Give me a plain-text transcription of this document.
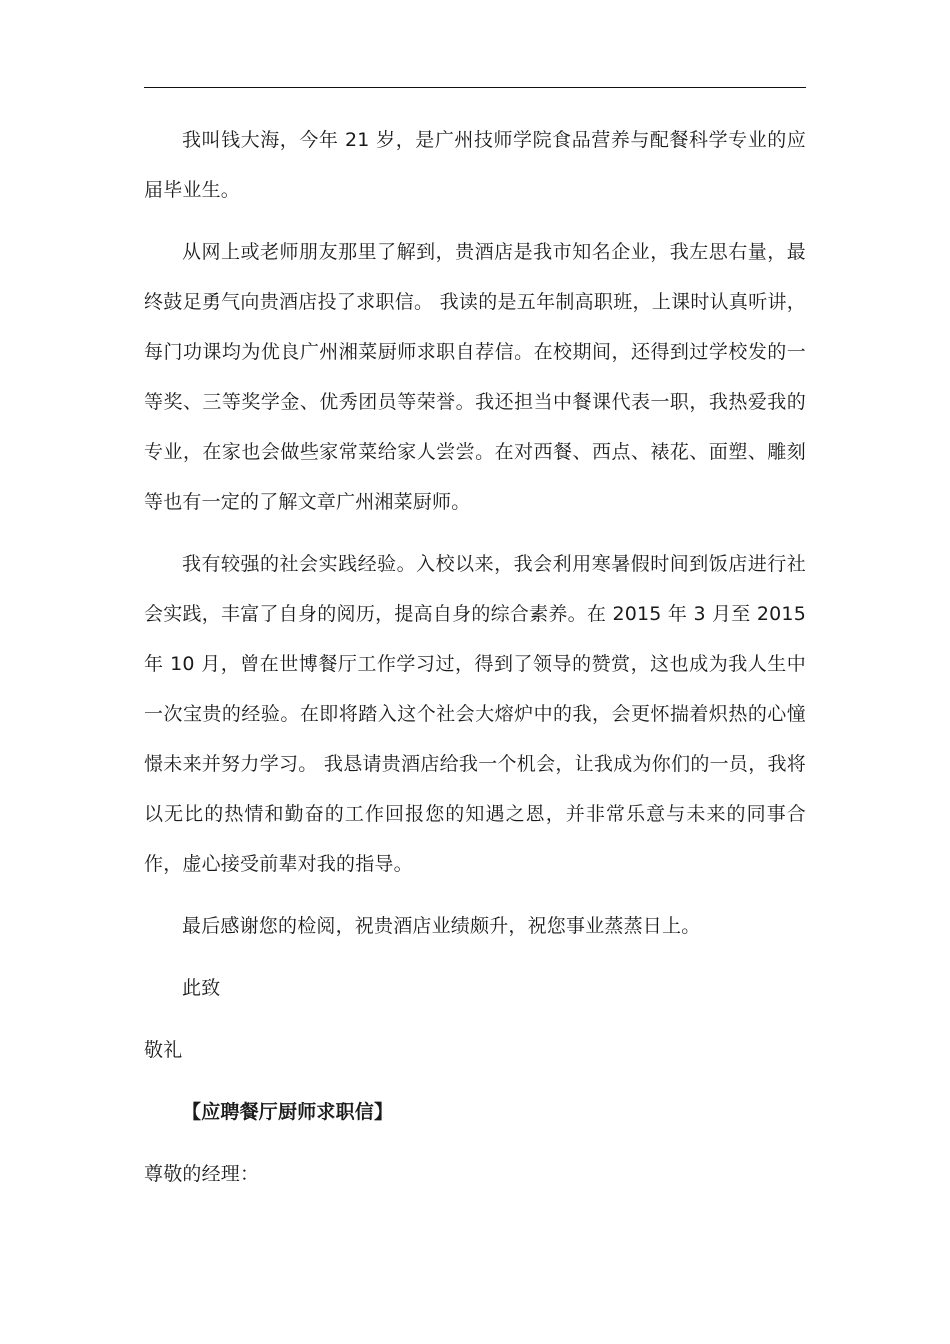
我叫钱大海，今年 21 岁，是广州技师学院食品营养与配餐科学专业的应届毕业生。

从网上或老师朋友那里了解到，贵酒店是我市知名企业，我左思右量，最终鼓足勇气向贵酒店投了求职信。 我读的是五年制高职班，上课时认真听讲，每门功课均为优良广州湘菜厨师求职自荐信。在校期间，还得到过学校发的一等奖、三等奖学金、优秀团员等荣誉。我还担当中餐课代表一职，我热爱我的专业，在家也会做些家常菜给家人尝尝。在对西餐、西点、裱花、面塑、雕刻等也有一定的了解文章广州湘菜厨师。

我有较强的社会实践经验。入校以来，我会利用寒暑假时间到饭店进行社会实践，丰富了自身的阅历，提高自身的综合素养。在 2015 年 3 月至 2015 年 10 月，曾在世博餐厅工作学习过，得到了领导的赞赏，这也成为我人生中一次宝贵的经验。在即将踏入这个社会大熔炉中的我，会更怀揣着炽热的心憧憬未来并努力学习。 我恳请贵酒店给我一个机会，让我成为你们的一员，我将以无比的热情和勤奋的工作回报您的知遇之恩，并非常乐意与未来的同事合作，虚心接受前辈对我的指导。

最后感谢您的检阅，祝贵酒店业绩颇升，祝您事业蒸蒸日上。

此致

敬礼

【应聘餐厅厨师求职信】

尊敬的经理：
